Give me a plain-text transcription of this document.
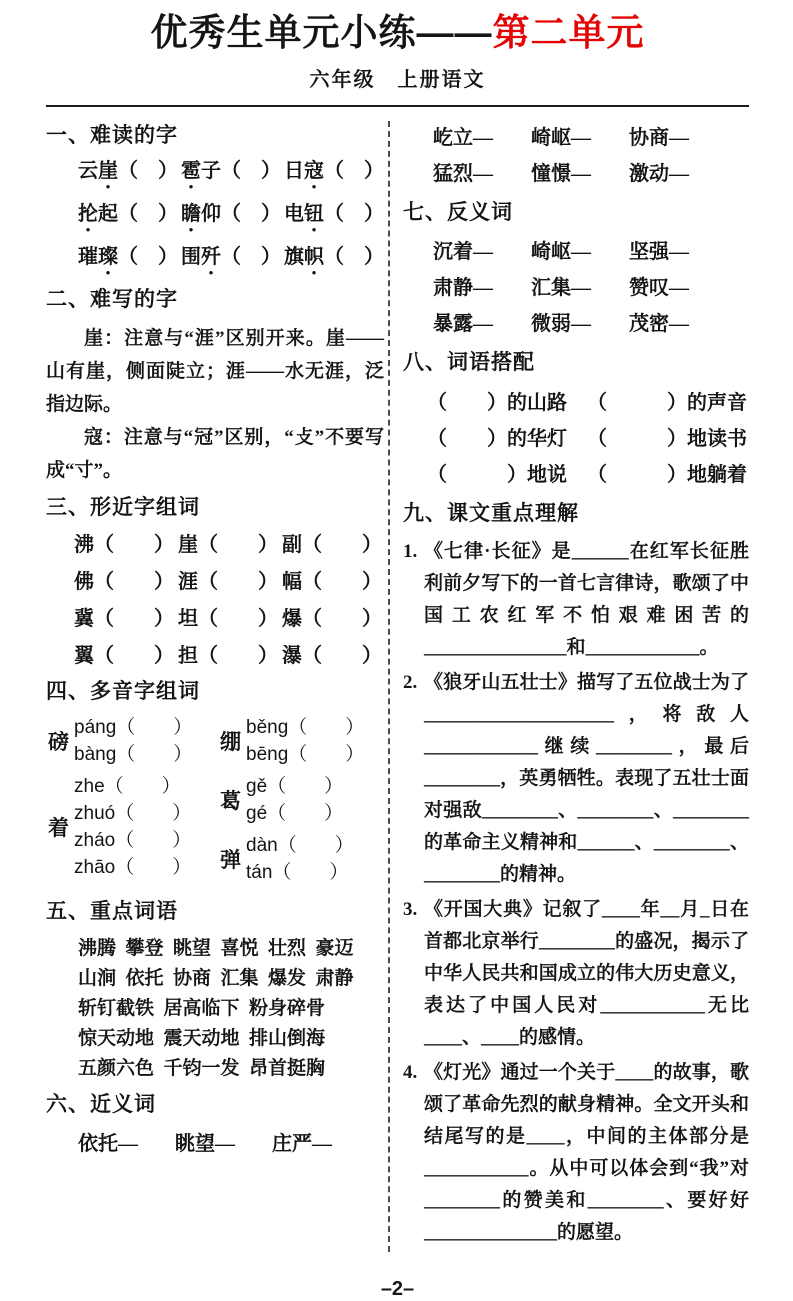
优秀生单元小练——第二单元
六年级　上册语文
一、难读的字
云崖（　） 雹子（　） 日寇（　）
抡起（　） 瞻仰（　） 电钮（　）
璀璨（　） 围歼（　） 旗帜（　）
二、难写的字

崖：注意与“涯”区别开来。崖——山有崖，侧面陡立；涯——水无涯，泛指边际。

寇：注意与“冠”区别，“攴”不要写成“寸”。

三、形近字组词
沸（　　） 崖（　　） 副（　　）
佛（　　） 涯（　　） 幅（　　）
冀（　　） 坦（　　） 爆（　　）
翼（　　） 担（　　） 瀑（　　）
四、多音字组词
磅
páng（　　）
bàng（　　）
着
zhe（　　）
zhuó（　　）
zháo（　　）
zhāo（　　）
绷
běng（　　）
bēng（　　）
葛
gě（　　）
gé（　　）
弹
dàn（　　）
tán（　　）
五、重点词语
沸腾  攀登  眺望  喜悦  壮烈  豪迈
山涧  依托  协商  汇集  爆发  肃静
斩钉截铁  居高临下  粉身碎骨
惊天动地  震天动地  排山倒海
五颜六色  千钧一发  昂首挺胸
六、近义词
依托—	眺望—	庄严—
屹立—	崎岖—	协商—
猛烈—	憧憬—	激动—
七、反义词
沉着—	崎岖—	坚强—
肃静—	汇集—	赞叹—
暴露—	微弱—	茂密—
八、词语搭配
（　　）的山路 （　　　）的声音
（　　）的华灯 （　　　）地读书
（　　　）地说 （　　　）地躺着
九、课文重点理解
1. 《七律·长征》是______在红军长征胜利前夕写下的一首七言律诗，歌颂了中国工农红军不怕艰难困苦的_______________和____________。
2. 《狼牙山五壮士》描写了五位战士为了____________________，将敌人____________继续________，最后________，英勇牺牲。表现了五壮士面对强敌________、________、________的革命主义精神和______、________、________的精神。
3. 《开国大典》记叙了____年__月_日在首都北京举行________的盛况，揭示了中华人民共和国成立的伟大历史意义，表达了中国人民对___________无比____、____的感情。
4. 《灯光》通过一个关于____的故事，歌颂了革命先烈的献身精神。全文开头和结尾写的是____，中间的主体部分是___________。从中可以体会到“我”对________的赞美和________、要好好______________的愿望。
–2–
